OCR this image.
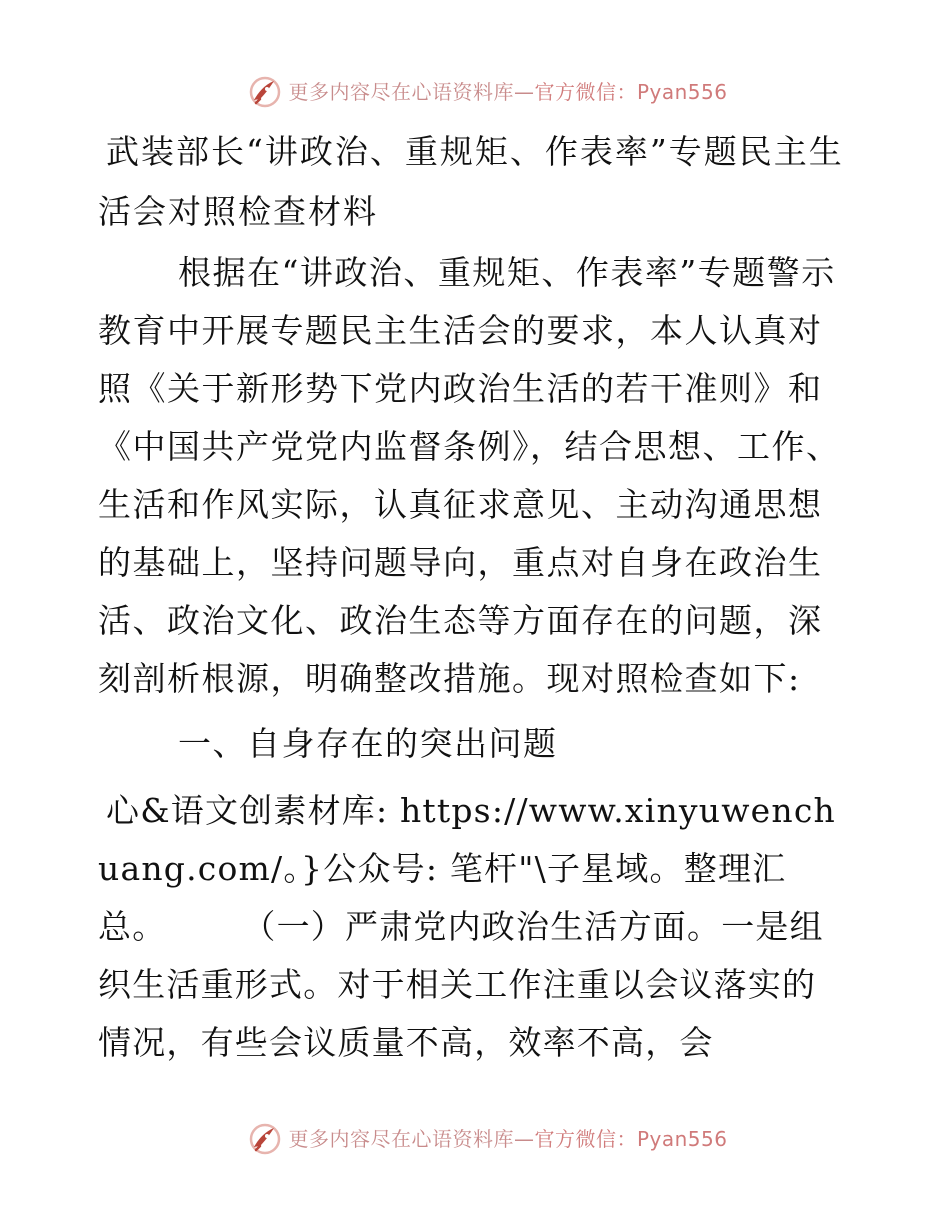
更多内容尽在心语资料库—官方微信：Pyan556
武装部长“讲政治、重规矩、作表率”专题民主生活会对照检查材料

根据在“讲政治、重规矩、作表率”专题警示教育中开展专题民主生活会的要求，本人认真对照《关于新形势下党内政治生活的若干准则》和《中国共产党党内监督条例》，结合思想、工作、生活和作风实际，认真征求意见、主动沟通思想的基础上，坚持问题导向，重点对自身在政治生活、政治文化、政治生态等方面存在的问题，深刻剖析根源，明确整改措施。现对照检查如下:

一、自身存在的突出问题

心&语文创素材库: https://www.xinyuwenchuang.com/。}公众号: 笔杆"\子星域。整理汇总。 （一）严肃党内政治生活方面。一是组织生活重形式。对于相关工作注重以会议落实的情况，有些会议质量不高，效率不高，会

更多内容尽在心语资料库—官方微信：Pyan556
